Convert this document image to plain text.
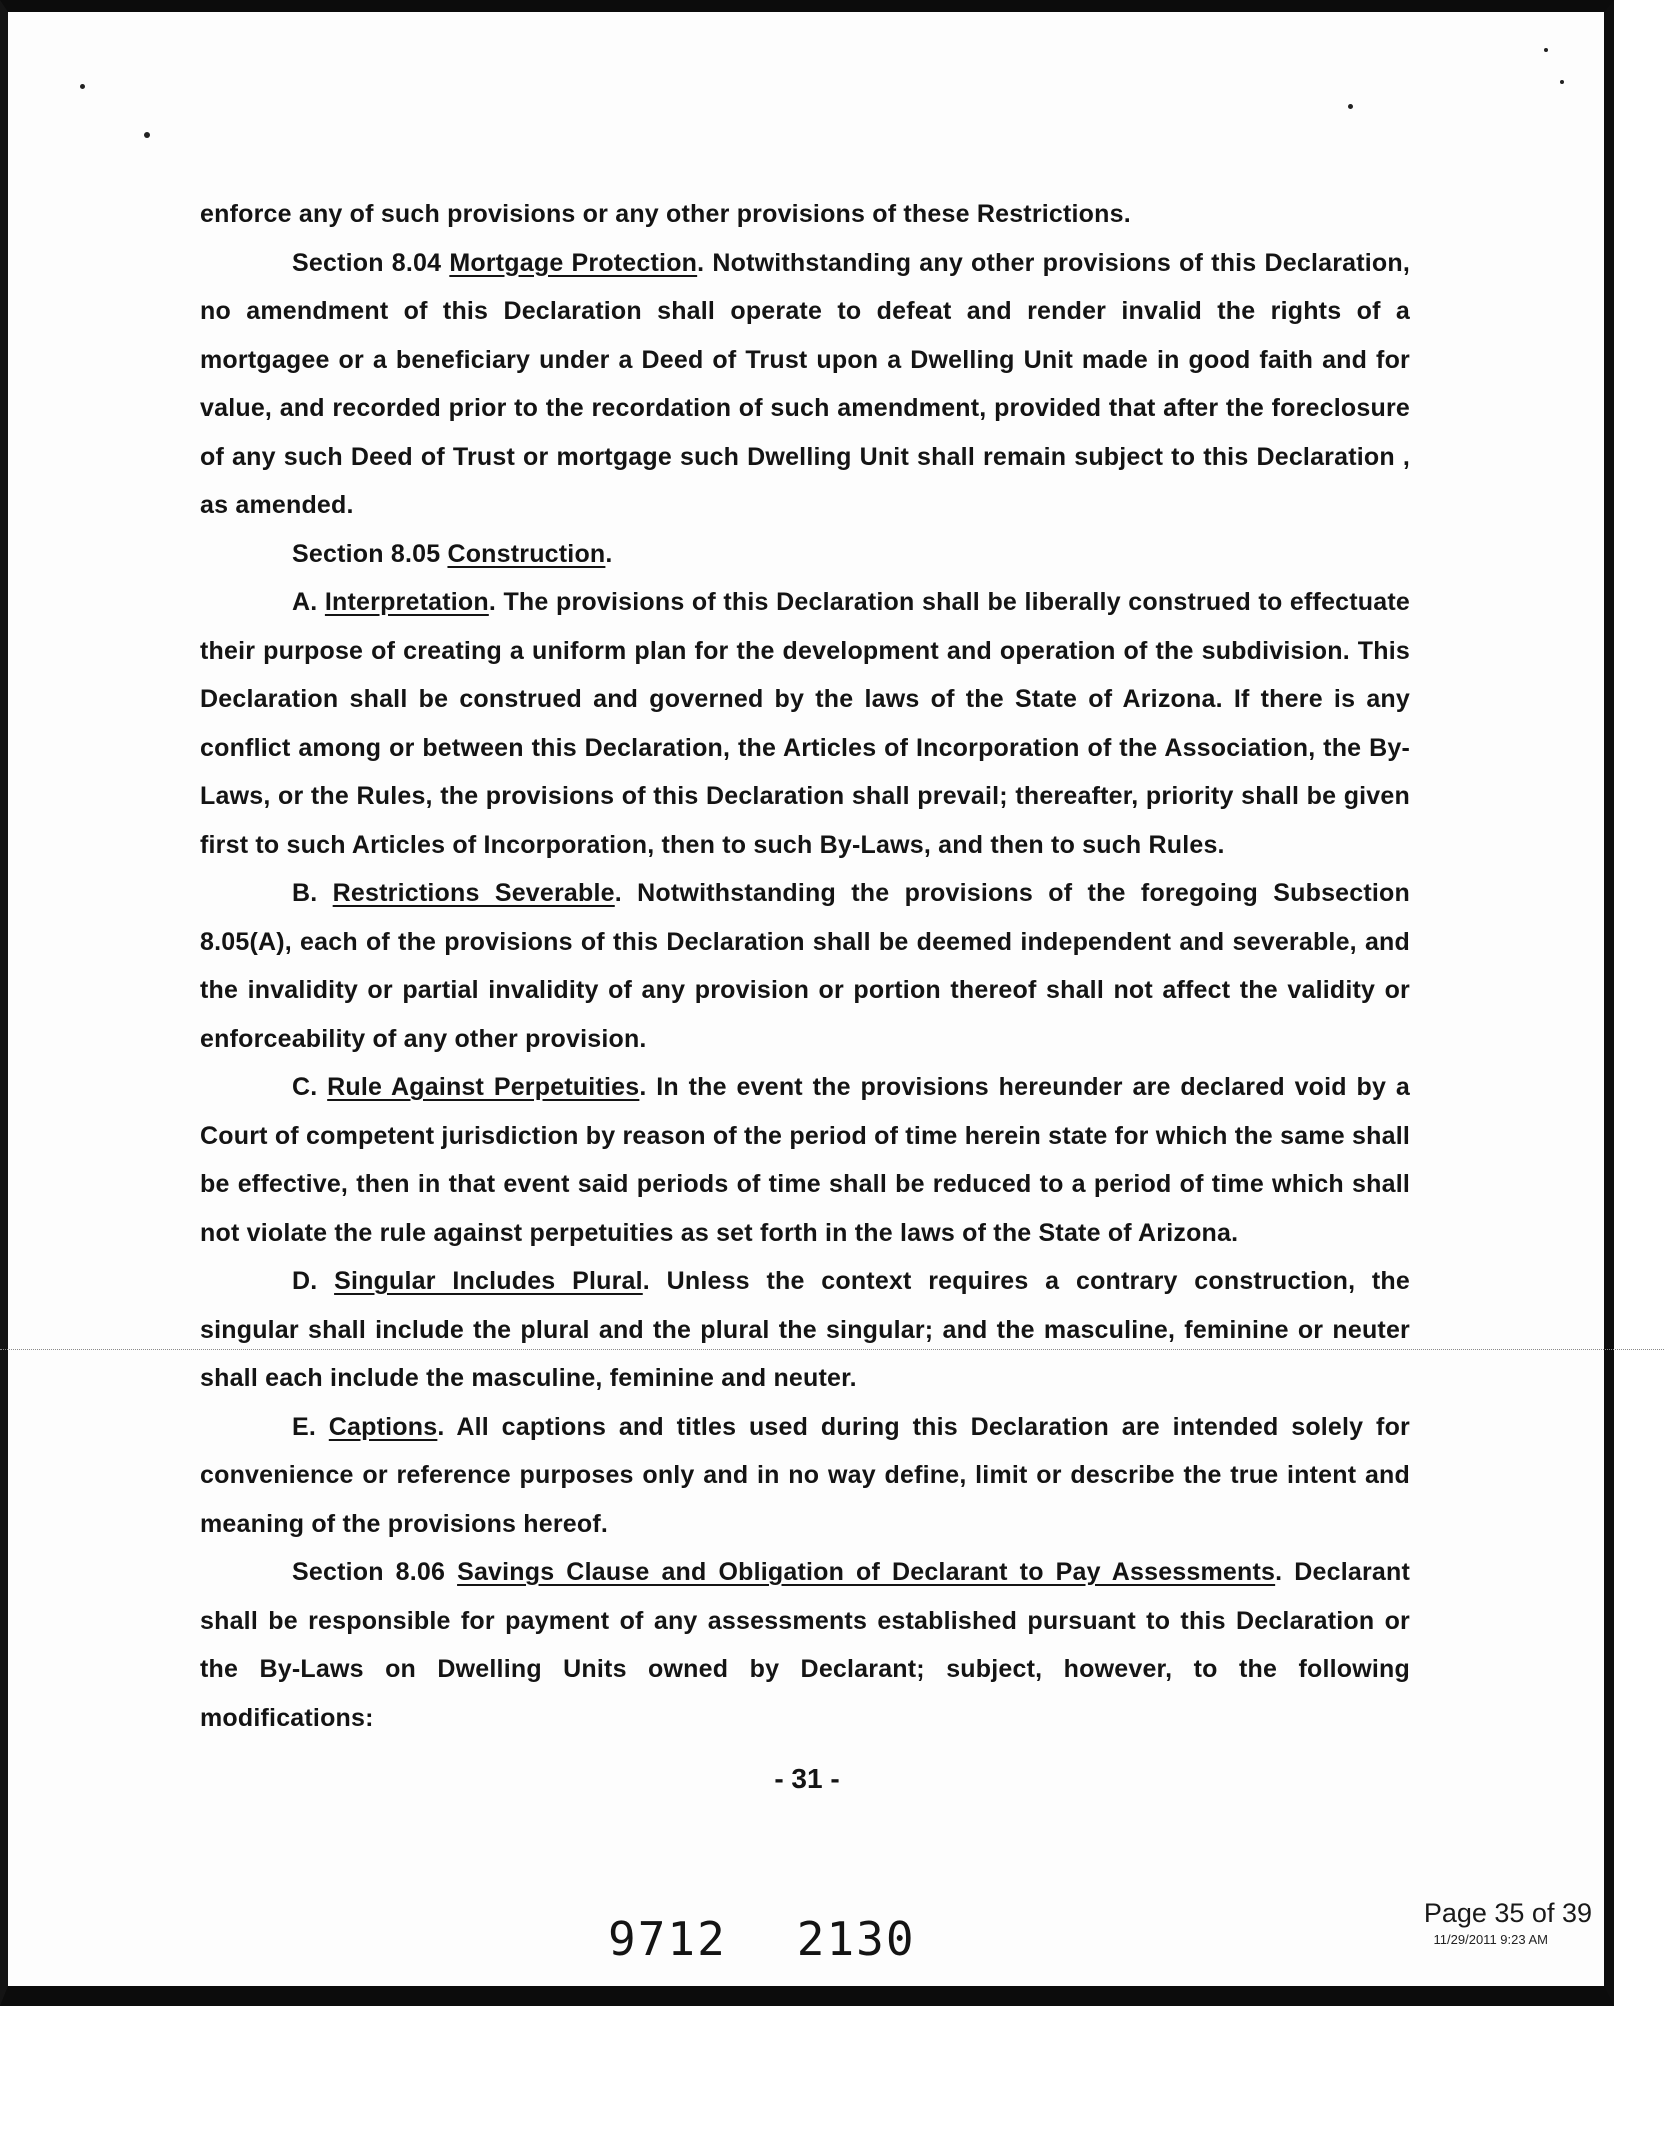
enforce any of such provisions or any other provisions of these Restrictions.

Section 8.04 Mortgage Protection. Notwithstanding any other provisions of this Declaration, no amendment of this Declaration shall operate to defeat and render invalid the rights of a mortgagee or a beneficiary under a Deed of Trust upon a Dwelling Unit made in good faith and for value, and recorded prior to the recordation of such amendment, provided that after the foreclosure of any such Deed of Trust or mortgage such Dwelling Unit shall remain subject to this Declaration , as amended.

Section 8.05 Construction.

A. Interpretation. The provisions of this Declaration shall be liberally construed to effectuate their purpose of creating a uniform plan for the development and operation of the subdivision. This Declaration shall be construed and governed by the laws of the State of Arizona. If there is any conflict among or between this Declaration, the Articles of Incorporation of the Association, the By-Laws, or the Rules, the provisions of this Declaration shall prevail; thereafter, priority shall be given first to such Articles of Incorporation, then to such By-Laws, and then to such Rules.

B. Restrictions Severable. Notwithstanding the provisions of the foregoing Subsection 8.05(A), each of the provisions of this Declaration shall be deemed independent and severable, and the invalidity or partial invalidity of any provision or portion thereof shall not affect the validity or enforceability of any other provision.

C. Rule Against Perpetuities. In the event the provisions hereunder are declared void by a Court of competent jurisdiction by reason of the period of time herein state for which the same shall be effective, then in that event said periods of time shall be reduced to a period of time which shall not violate the rule against perpetuities as set forth in the laws of the State of Arizona.

D. Singular Includes Plural. Unless the context requires a contrary construction, the singular shall include the plural and the plural the singular; and the masculine, feminine or neuter shall each include the masculine, feminine and neuter.

E. Captions. All captions and titles used during this Declaration are intended solely for convenience or reference purposes only and in no way define, limit or describe the true intent and meaning of the provisions hereof.

Section 8.06 Savings Clause and Obligation of Declarant to Pay Assessments. Declarant shall be responsible for payment of any assessments established pursuant to this Declaration or the By-Laws on Dwelling Units owned by Declarant; subject, however, to the following modifications:

- 31 -
Page 35 of 39
11/29/2011 9:23 AM
9712 2130
